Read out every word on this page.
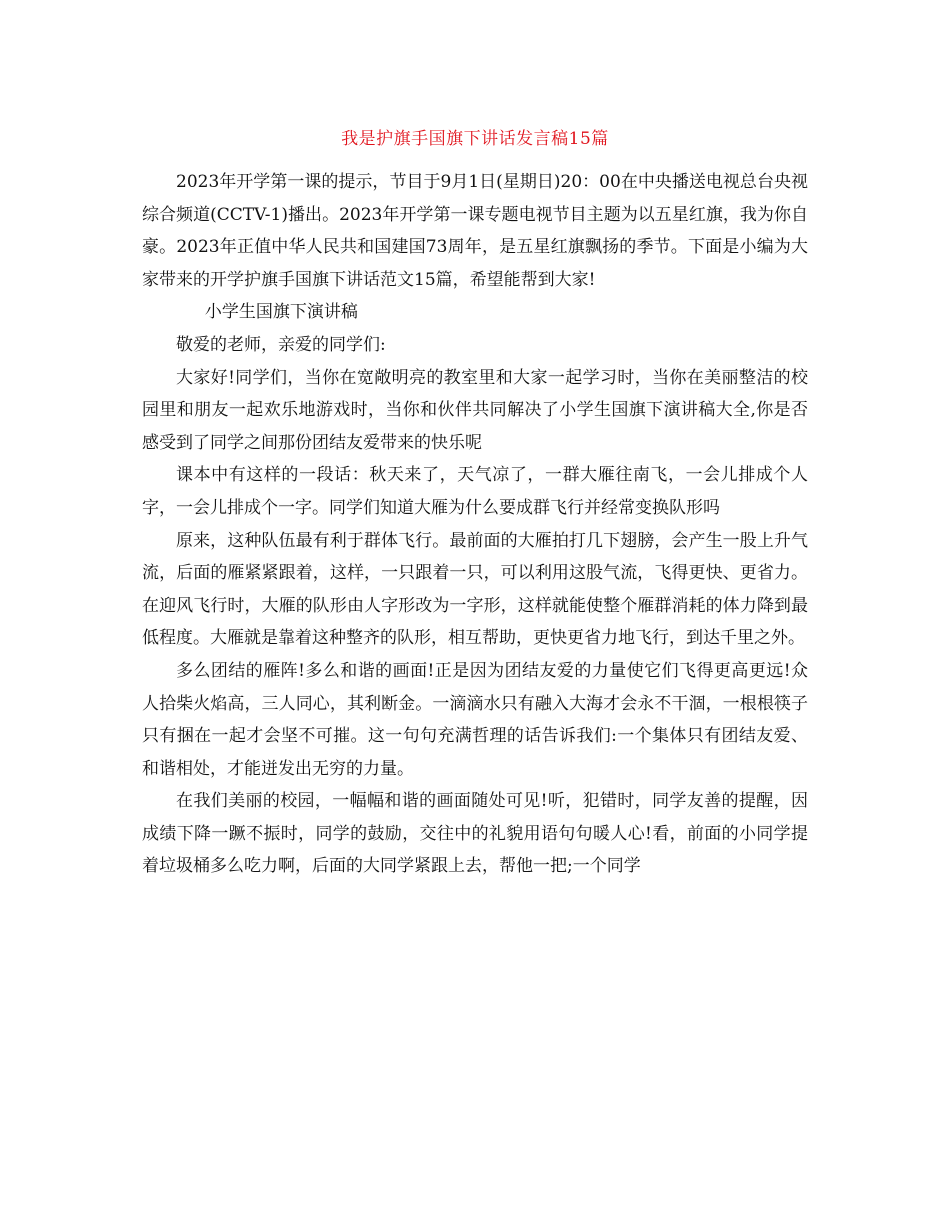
我是护旗手国旗下讲话发言稿15篇

2023年开学第一课的提示，节目于9月1日(星期日)20：00在中央播送电视总台央视综合频道(CCTV-1)播出。2023年开学第一课专题电视节目主题为以五星红旗，我为你自豪。2023年正值中华人民共和国建国73周年，是五星红旗飘扬的季节。下面是小编为大家带来的开学护旗手国旗下讲话范文15篇，希望能帮到大家!

小学生国旗下演讲稿

敬爱的老师，亲爱的同学们:

大家好!同学们，当你在宽敞明亮的教室里和大家一起学习时，当你在美丽整洁的校园里和朋友一起欢乐地游戏时，当你和伙伴共同解决了小学生国旗下演讲稿大全,你是否感受到了同学之间那份团结友爱带来的快乐呢

课本中有这样的一段话：秋天来了，天气凉了，一群大雁往南飞，一会儿排成个人字，一会儿排成个一字。同学们知道大雁为什么要成群飞行并经常变换队形吗

原来，这种队伍最有利于群体飞行。最前面的大雁拍打几下翅膀，会产生一股上升气流，后面的雁紧紧跟着，这样，一只跟着一只，可以利用这股气流，飞得更快、更省力。在迎风飞行时，大雁的队形由人字形改为一字形，这样就能使整个雁群消耗的体力降到最低程度。大雁就是靠着这种整齐的队形，相互帮助，更快更省力地飞行，到达千里之外。

多么团结的雁阵!多么和谐的画面!正是因为团结友爱的力量使它们飞得更高更远!众人拾柴火焰高，三人同心，其利断金。一滴滴水只有融入大海才会永不干涸，一根根筷子只有捆在一起才会坚不可摧。这一句句充满哲理的话告诉我们:一个集体只有团结友爱、和谐相处，才能迸发出无穷的力量。

在我们美丽的校园，一幅幅和谐的画面随处可见!听，犯错时，同学友善的提醒，因成绩下降一蹶不振时，同学的鼓励，交往中的礼貌用语句句暖人心!看，前面的小同学提着垃圾桶多么吃力啊，后面的大同学紧跟上去，帮他一把;一个同学
